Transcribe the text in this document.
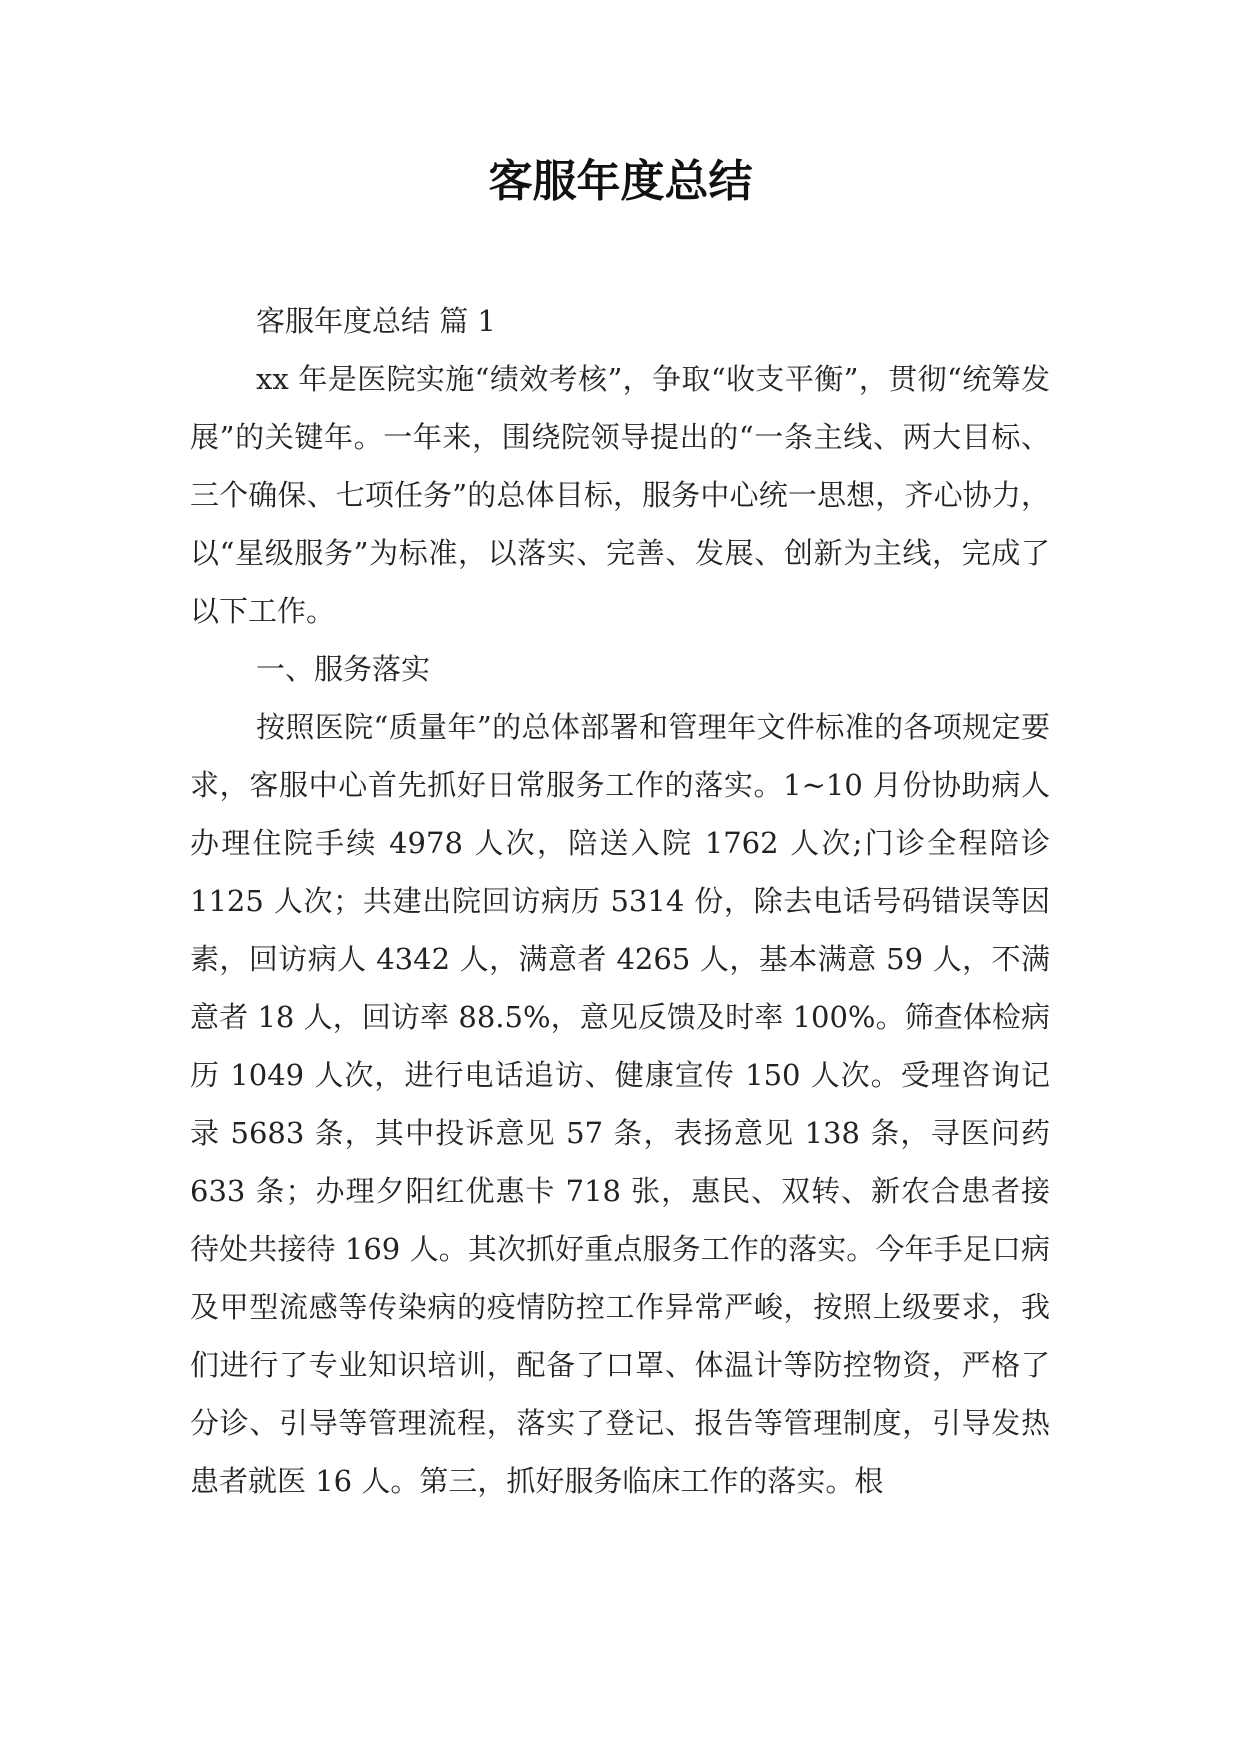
客服年度总结

客服年度总结 篇 1

xx 年是医院实施“绩效考核”，争取“收支平衡”，贯彻“统筹发展”的关键年。一年来，围绕院领导提出的“一条主线、两大目标、三个确保、七项任务”的总体目标，服务中心统一思想，齐心协力，以“星级服务”为标准，以落实、完善、发展、创新为主线，完成了以下工作。

一、服务落实

按照医院“质量年”的总体部署和管理年文件标准的各项规定要求，客服中心首先抓好日常服务工作的落实。1~10 月份协助病人办理住院手续 4978 人次，陪送入院 1762 人次;门诊全程陪诊 1125 人次；共建出院回访病历 5314 份，除去电话号码错误等因素，回访病人 4342 人，满意者 4265 人，基本满意 59 人，不满意者 18 人，回访率 88.5%，意见反馈及时率 100%。筛查体检病历 1049 人次，进行电话追访、健康宣传 150 人次。受理咨询记录 5683 条，其中投诉意见 57 条，表扬意见 138 条，寻医问药 633 条；办理夕阳红优惠卡 718 张，惠民、双转、新农合患者接待处共接待 169 人。其次抓好重点服务工作的落实。今年手足口病及甲型流感等传染病的疫情防控工作异常严峻，按照上级要求，我们进行了专业知识培训，配备了口罩、体温计等防控物资，严格了分诊、引导等管理流程，落实了登记、报告等管理制度，引导发热患者就医 16 人。第三，抓好服务临床工作的落实。根
